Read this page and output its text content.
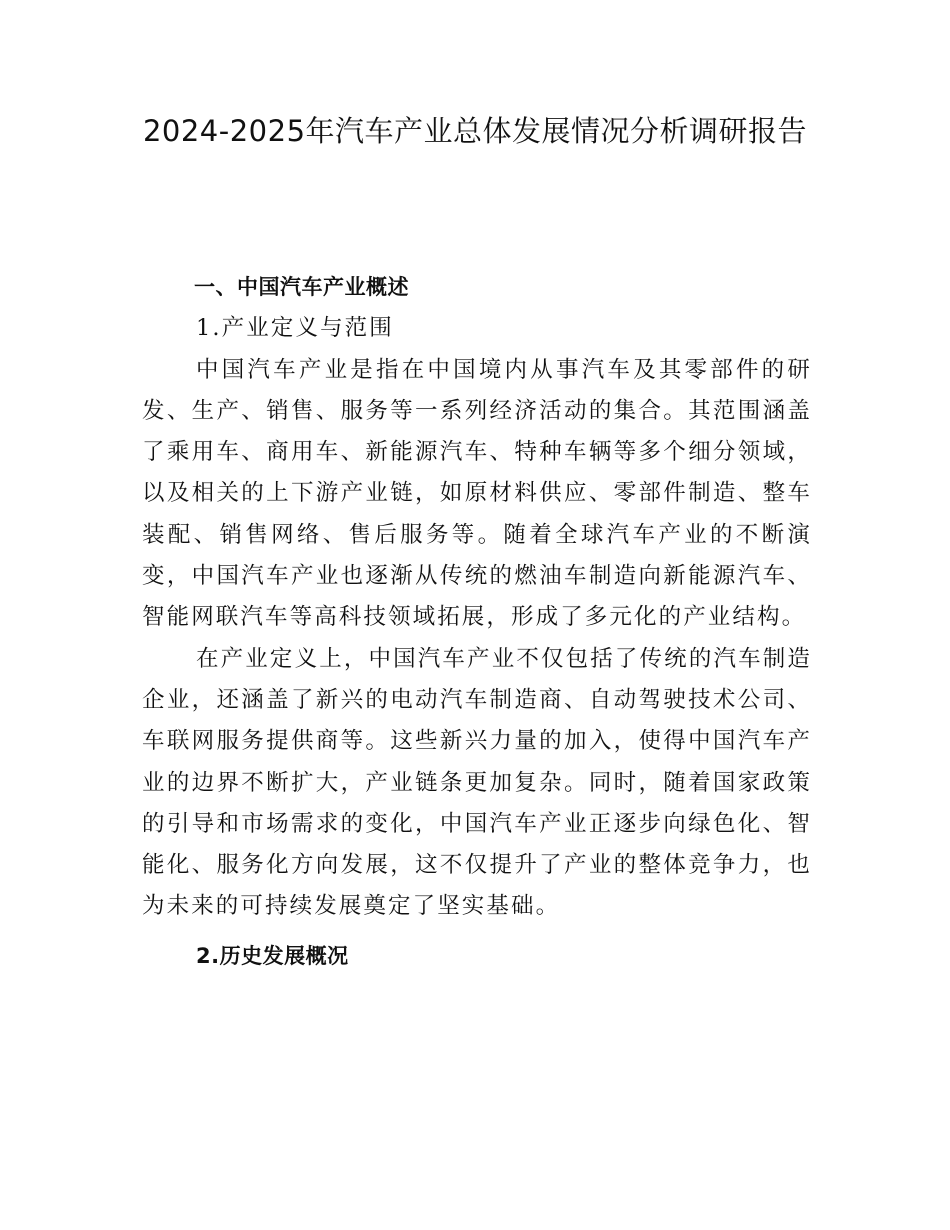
2024-2025年汽车产业总体发展情况分析调研报告

一、中国汽车产业概述

1.产业定义与范围

中国汽车产业是指在中国境内从事汽车及其零部件的研发、生产、销售、服务等一系列经济活动的集合。其范围涵盖了乘用车、商用车、新能源汽车、特种车辆等多个细分领域，以及相关的上下游产业链，如原材料供应、零部件制造、整车装配、销售网络、售后服务等。随着全球汽车产业的不断演变，中国汽车产业也逐渐从传统的燃油车制造向新能源汽车、智能网联汽车等高科技领域拓展，形成了多元化的产业结构。

在产业定义上，中国汽车产业不仅包括了传统的汽车制造企业，还涵盖了新兴的电动汽车制造商、自动驾驶技术公司、车联网服务提供商等。这些新兴力量的加入，使得中国汽车产业的边界不断扩大，产业链条更加复杂。同时，随着国家政策的引导和市场需求的变化，中国汽车产业正逐步向绿色化、智能化、服务化方向发展，这不仅提升了产业的整体竞争力，也为未来的可持续发展奠定了坚实基础。

2.历史发展概况
